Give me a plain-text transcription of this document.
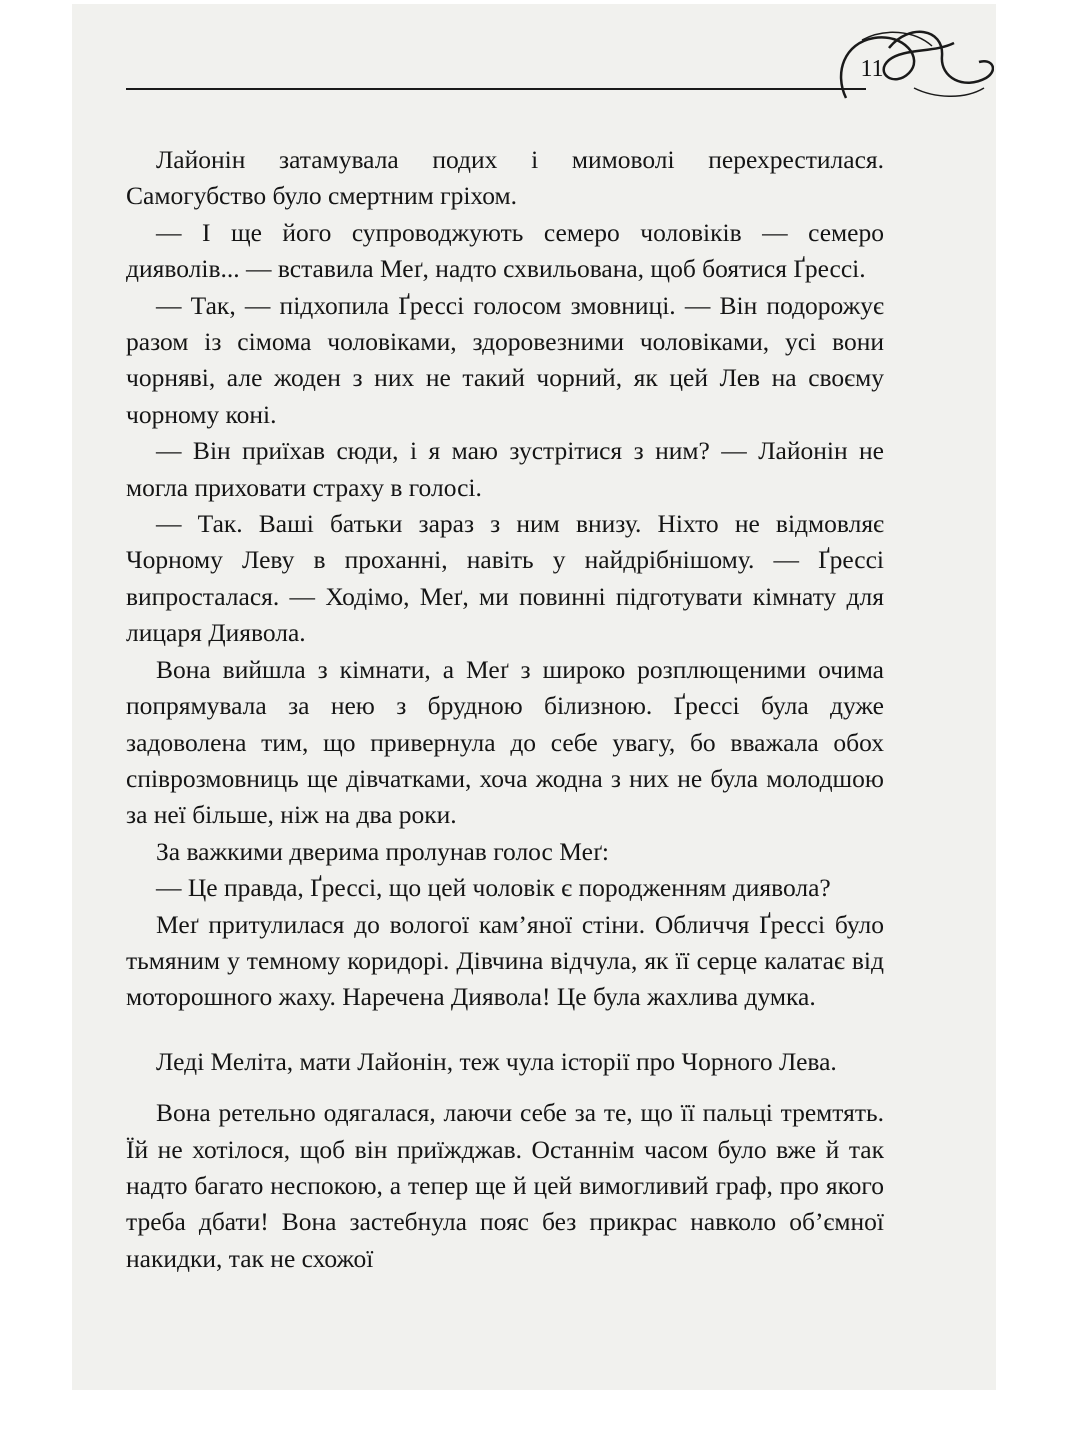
11

Лайонін затамувала подих і мимоволі перехрестилася. Самогубство було смертним гріхом.

— І ще його супроводжують семеро чоловіків — семеро дияволів... — вставила Меґ, надто схвильована, щоб боятися Ґрессі.

— Так, — підхопила Ґрессі голосом змовниці. — Він подорожує разом із сімома чоловіками, здоровезними чоловіками, усі вони чорняві, але жоден з них не такий чорний, як цей Лев на своєму чорному коні.

— Він приїхав сюди, і я маю зустрітися з ним? — Лайонін не могла приховати страху в голосі.

— Так. Ваші батьки зараз з ним внизу. Ніхто не відмовляє Чорному Леву в проханні, навіть у найдрібнішому. — Ґрессі випросталася. — Ходімо, Меґ, ми повинні підготувати кімнату для лицаря Диявола.

Вона вийшла з кімнати, а Меґ з широко розплющеними очима попрямувала за нею з брудною білизною. Ґрессі була дуже задоволена тим, що привернула до себе увагу, бо вважала обох співрозмовниць ще дівчатками, хоча жодна з них не була молодшою за неї більше, ніж на два роки.

За важкими дверима пролунав голос Меґ:

— Це правда, Ґрессі, що цей чоловік є породженням диявола?

Меґ притулилася до вологої кам’яної стіни. Обличчя Ґрессі було тьмяним у темному коридорі. Дівчина відчула, як її серце калатає від моторошного жаху. Наречена Диявола! Це була жахлива думка.

Леді Меліта, мати Лайонін, теж чула історії про Чорного Лева.

Вона ретельно одягалася, лаючи себе за те, що її пальці тремтять. Їй не хотілося, щоб він приїжджав. Останнім часом було вже й так надто багато неспокою, а тепер ще й цей вимогливий граф, про якого треба дбати! Вона застебнула пояс без прикрас навколо об’ємної накидки, так не схожої
